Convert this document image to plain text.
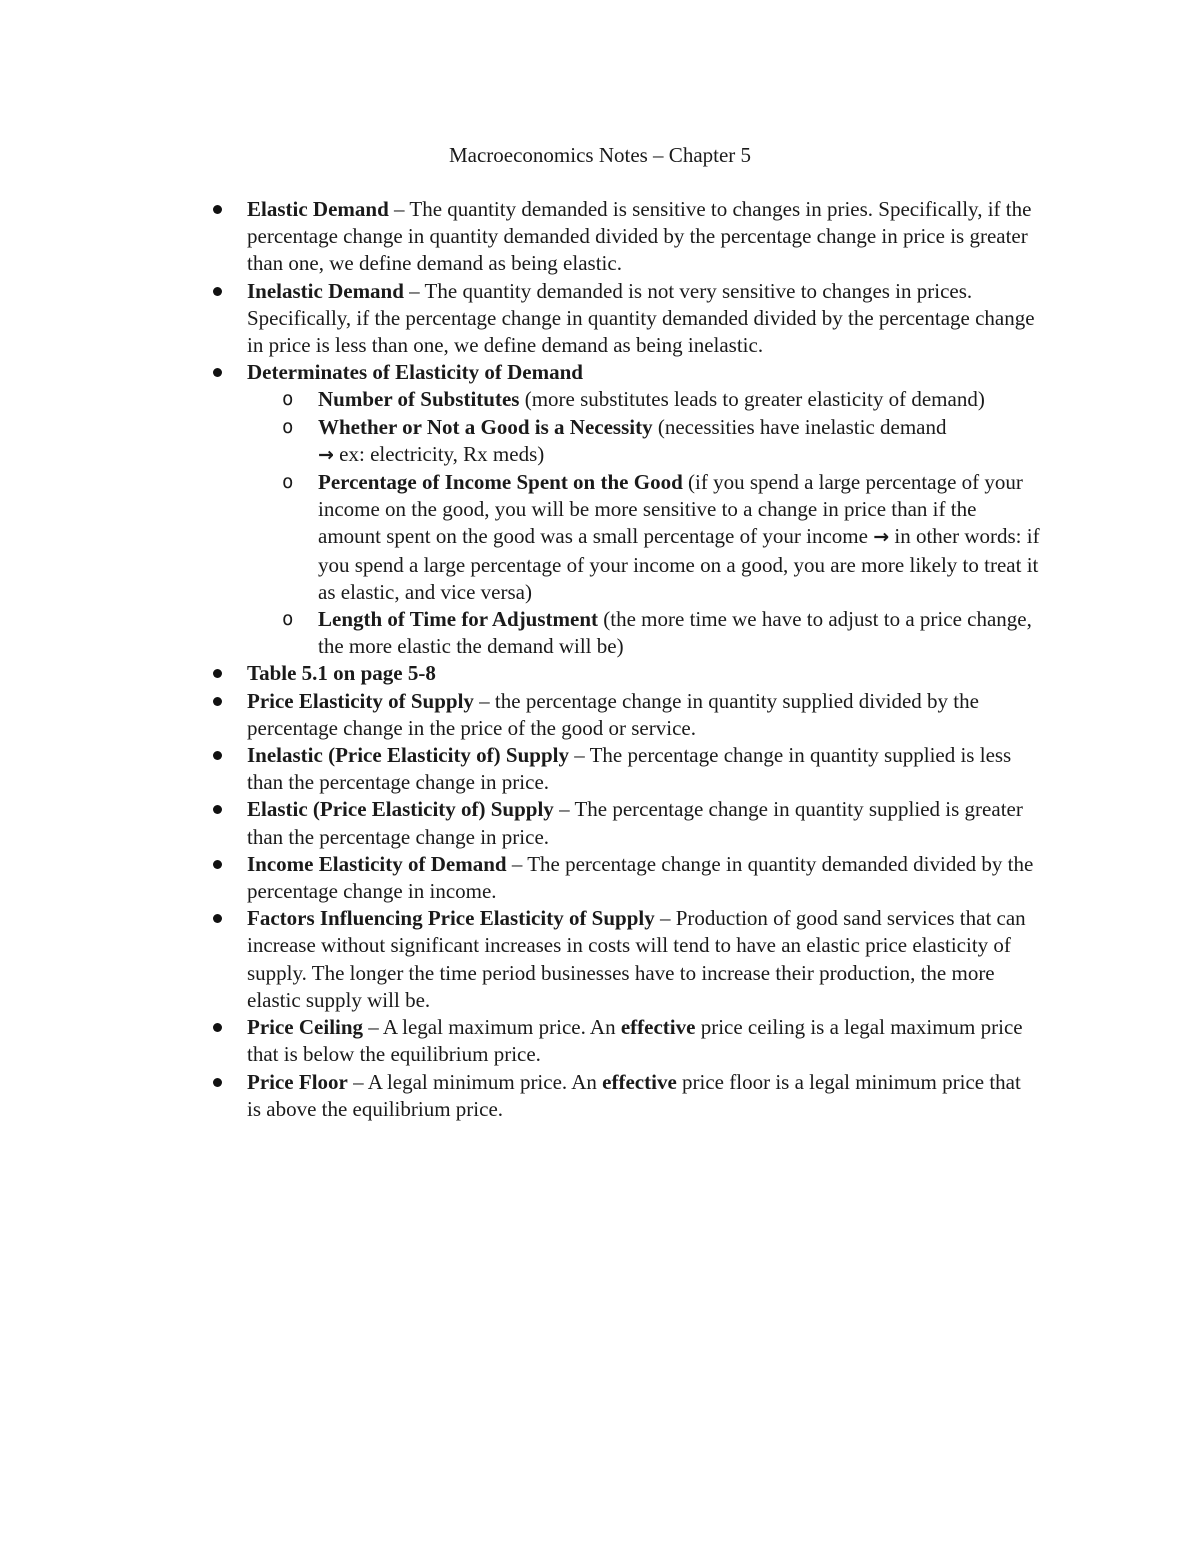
Macroeconomics Notes – Chapter 5
Elastic Demand – The quantity demanded is sensitive to changes in pries. Specifically, if the percentage change in quantity demanded divided by the percentage change in price is greater than one, we define demand as being elastic.
Inelastic Demand – The quantity demanded is not very sensitive to changes in prices. Specifically, if the percentage change in quantity demanded divided by the percentage change in price is less than one, we define demand as being inelastic.
Determinates of Elasticity of Demand
o Number of Substitutes (more substitutes leads to greater elasticity of demand)
o Whether or Not a Good is a Necessity (necessities have inelastic demand
→ ex: electricity, Rx meds)
o Percentage of Income Spent on the Good (if you spend a large percentage of your income on the good, you will be more sensitive to a change in price than if the amount spent on the good was a small percentage of your income → in other words: if you spend a large percentage of your income on a good, you are more likely to treat it as elastic, and vice versa)
o Length of Time for Adjustment (the more time we have to adjust to a price change, the more elastic the demand will be)
Table 5.1 on page 5-8
Price Elasticity of Supply – the percentage change in quantity supplied divided by the percentage change in the price of the good or service.
Inelastic (Price Elasticity of) Supply – The percentage change in quantity supplied is less than the percentage change in price.
Elastic (Price Elasticity of) Supply – The percentage change in quantity supplied is greater than the percentage change in price.
Income Elasticity of Demand – The percentage change in quantity demanded divided by the percentage change in income.
Factors Influencing Price Elasticity of Supply – Production of good sand services that can increase without significant increases in costs will tend to have an elastic price elasticity of supply. The longer the time period businesses have to increase their production, the more elastic supply will be.
Price Ceiling – A legal maximum price. An effective price ceiling is a legal maximum price that is below the equilibrium price.
Price Floor – A legal minimum price. An effective price floor is a legal minimum price that is above the equilibrium price.
